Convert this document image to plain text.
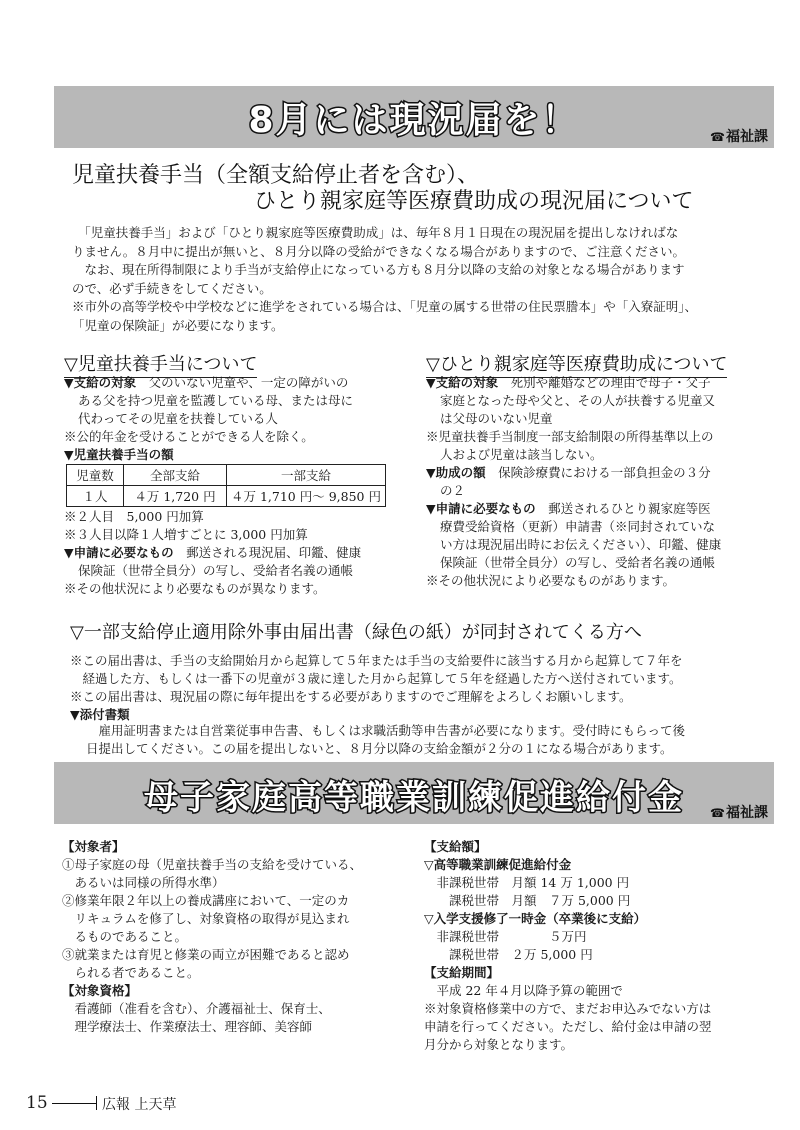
8月には現況届を！	☎福祉課
児童扶養手当（全額支給停止者を含む）、
ひとり親家庭等医療費助成の現況届について

　「児童扶養手当」および「ひとり親家庭等医療費助成」は、毎年８月１日現在の現況届を提出しなければな

りません。８月中に提出が無いと、８月分以降の受給ができなくなる場合がありますので、ご注意ください。

　なお、現在所得制限により手当が支給停止になっている方も８月分以降の支給の対象となる場合があります

ので、必ず手続きをしてください。

※市外の高等学校や中学校などに進学をされている場合は、「児童の属する世帯の住民票謄本」や「入寮証明」、

「児童の保険証」が必要になります。

▽児童扶養手当について
▼支給の対象　父のいない児童や、一定の障がいの
ある父を持つ児童を監護している母、または母に
代わってその児童を扶養している人
※公的年金を受けることができる人を除く。
▼児童扶養手当の額
児童数	全部支給	一部支給
１人	４万 1,720 円	４万 1,710 円～ 9,850 円
※２人目　5,000 円加算
※３人目以降１人増すごとに 3,000 円加算
▼申請に必要なもの　郵送される現況届、印鑑、健康
保険証（世帯全員分）の写し、受給者名義の通帳
※その他状況により必要なものが異なります。
▽ひとり親家庭等医療費助成について
▼支給の対象　死別や離婚などの理由で母子・父子
家庭となった母や父と、その人が扶養する児童又
は父母のいない児童
※児童扶養手当制度一部支給制限の所得基準以上の
人および児童は該当しない。
▼助成の額　保険診療費における一部負担金の３分
の２
▼申請に必要なもの　郵送されるひとり親家庭等医
療費受給資格（更新）申請書（※同封されていな
い方は現況届出時にお伝えください）、印鑑、健康
保険証（世帯全員分）の写し、受給者名義の通帳
※その他状況により必要なものがあります。
▽一部支給停止適用除外事由届出書（緑色の紙）が同封されてくる方へ
※この届出書は、手当の支給開始月から起算して５年または手当の支給要件に該当する月から起算して７年を
　経過した方、もしくは一番下の児童が３歳に達した月から起算して５年を経過した方へ送付されています。
※この届出書は、現況届の際に毎年提出をする必要がありますのでご理解をよろしくお願いします。
▼添付書類
　雇用証明書または自営業従事申告書、もしくは求職活動等申告書が必要になります。受付時にもらって後
日提出してください。この届を提出しないと、８月分以降の支給金額が２分の１になる場合があります。
母子家庭高等職業訓練促進給付金	☎福祉課
【対象者】
①母子家庭の母（児童扶養手当の支給を受けている、
　あるいは同様の所得水準）
②修業年限２年以上の養成講座において、一定のカ
　リキュラムを修了し、対象資格の取得が見込まれ
　るものであること。
③就業または育児と修業の両立が困難であると認め
　られる者であること。
【対象資格】
　看護師（准看を含む）、介護福祉士、保育士、
　理学療法士、作業療法士、理容師、美容師
【支給額】
▽高等職業訓練促進給付金
　非課税世帯　月額 14 万 1,000 円
　　課税世帯　月額　７万 5,000 円
▽入学支援修了一時金（卒業後に支給）
　非課税世帯　　　　５万円
　　課税世帯　２万 5,000 円
【支給期間】
　平成 22 年４月以降予算の範囲で
※対象資格修業中の方で、まだお申込みでない方は
申請を行ってください。ただし、給付金は申請の翌
月分から対象となります。
15	広報 上天草
